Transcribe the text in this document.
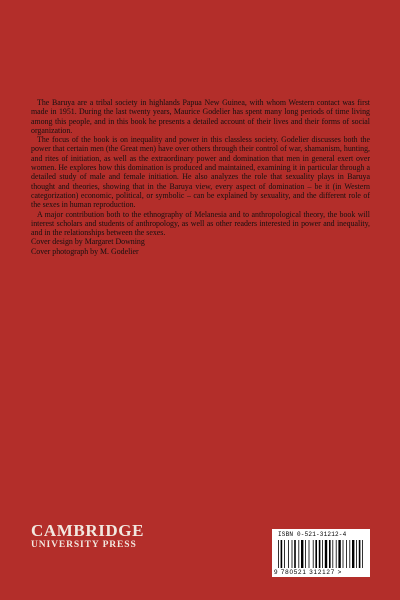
The Baruya are a tribal society in highlands Papua New Guinea, with whom Western contact was first made in 1951. During the last twenty years, Maurice Godelier has spent many long periods of time living among this people, and in this book he presents a detailed account of their lives and their forms of social organization.

The focus of the book is on inequality and power in this classless society. Godelier discusses both the power that certain men (the Great men) have over others through their control of war, shamanism, hunting, and rites of initiation, as well as the extraordinary power and domination that men in general exert over women. He explores how this domination is produced and maintained, examining it in particular through a detailed study of male and female initiation. He also analyzes the role that sexuality plays in Baruya thought and theories, showing that in the Baruya view, every aspect of domination – be it (in Western categorization) economic, political, or symbolic – can be explained by sexuality, and the different role of the sexes in human reproduction.

A major contribution both to the ethnography of Melanesia and to anthropological theory, the book will interest scholars and students of anthropology, as well as other readers interested in power and inequality, and in the relationships between the sexes.

Cover design by Margaret Downing

Cover photograph by M. Godelier

CAMBRIDGE
UNIVERSITY PRESS
ISBN 0-521-31212-4
9 780521 312127 >
